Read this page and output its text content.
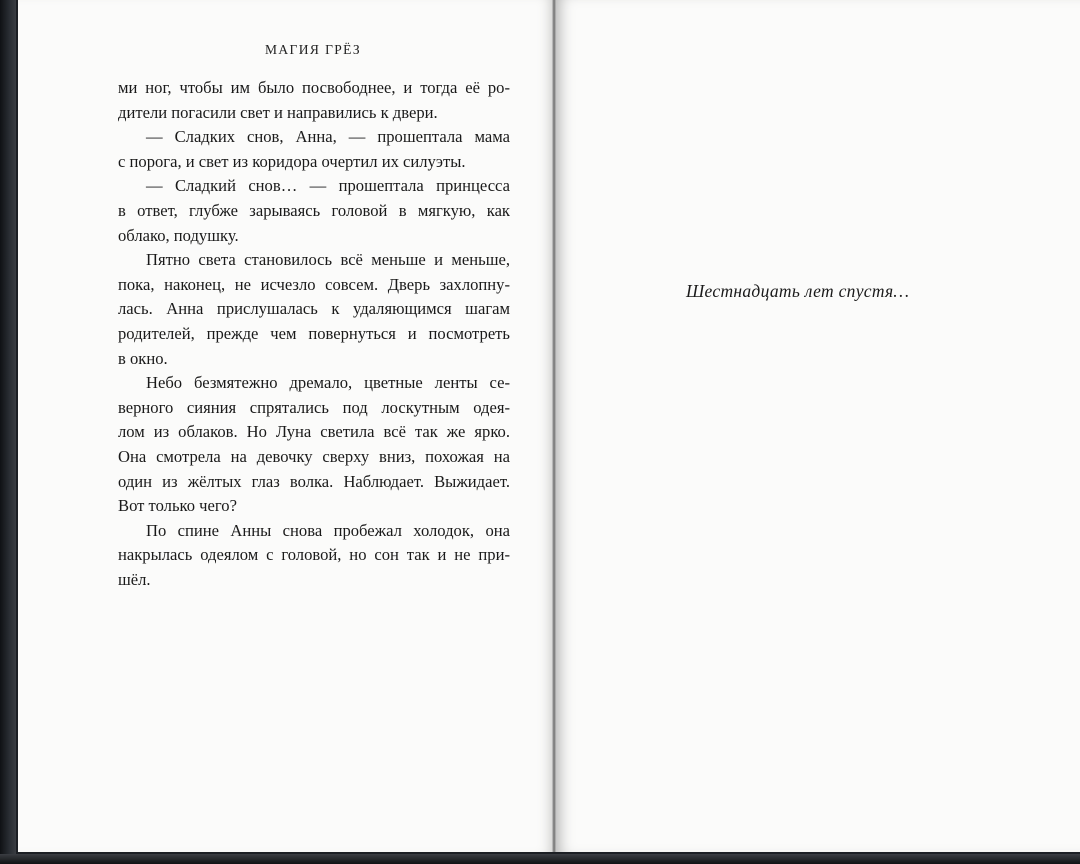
МАГИЯ ГРЁЗ
ми ног, чтобы им было посвободнее, и тогда её ро-
дители погасили свет и направились к двери.
— Сладких снов, Анна, — прошептала мама
с порога, и свет из коридора очертил их силуэты.
— Сладкий снов… — прошептала принцесса
в ответ, глубже зарываясь головой в мягкую, как
облако, подушку.
Пятно света становилось всё меньше и меньше,
пока, наконец, не исчезло совсем. Дверь захлопну-
лась. Анна прислушалась к удаляющимся шагам
родителей, прежде чем повернуться и посмотреть
в окно.
Небо безмятежно дремало, цветные ленты се-
верного сияния спрятались под лоскутным одея-
лом из облаков. Но Луна светила всё так же ярко.
Она смотрела на девочку сверху вниз, похожая на
один из жёлтых глаз волка. Наблюдает. Выжидает.
Вот только чего?
По спине Анны снова пробежал холодок, она
накрылась одеялом с головой, но сон так и не при-
шёл.
Шестнадцать лет спустя…
